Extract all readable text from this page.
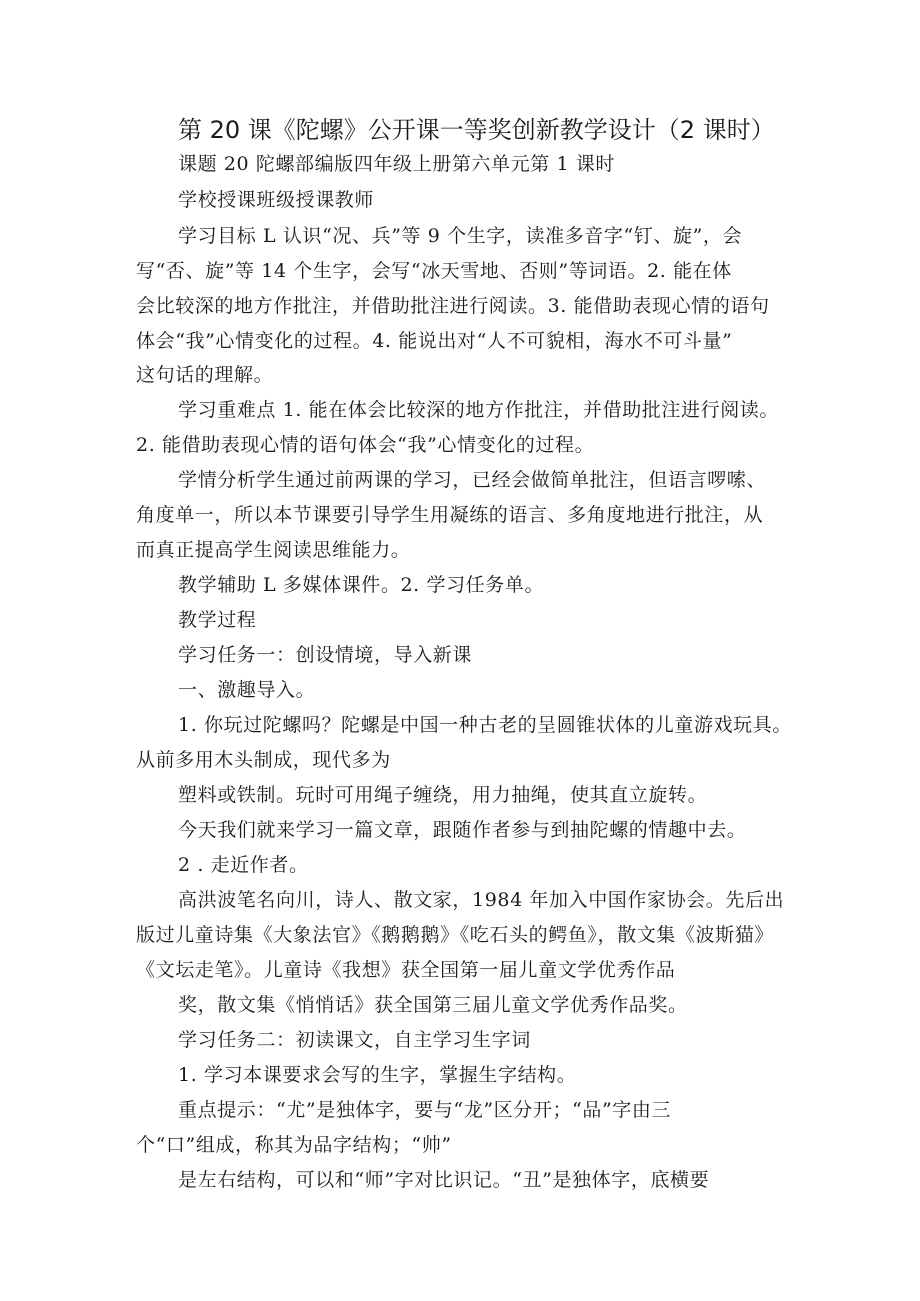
第 20 课《陀螺》公开课一等奖创新教学设计（2 课时）
课题 20 陀螺部编版四年级上册第六单元第 1 课时
学校授课班级授课教师
学习目标 L 认识“况、兵”等 9 个生字，读准多音字“钉、旋”，会
写“否、旋”等 14 个生字，会写“冰天雪地、否则”等词语。2. 能在体
会比较深的地方作批注，并借助批注进行阅读。3. 能借助表现心情的语句
体会“我”心情变化的过程。4. 能说出对“人不可貌相，海水不可斗量”
这句话的理解。
学习重难点 1. 能在体会比较深的地方作批注，并借助批注进行阅读。
2. 能借助表现心情的语句体会“我”心情变化的过程。
学情分析学生通过前两课的学习，已经会做简单批注，但语言啰嗦、
角度单一，所以本节课要引导学生用凝练的语言、多角度地进行批注，从
而真正提高学生阅读思维能力。
教学辅助 L 多媒体课件。2. 学习任务单。
教学过程
学习任务一：创设情境，导入新课
一、激趣导入。
1. 你玩过陀螺吗？陀螺是中国一种古老的呈圆锥状体的儿童游戏玩具。
从前多用木头制成，现代多为
塑料或铁制。玩时可用绳子缠绕，用力抽绳，使其直立旋转。
今天我们就来学习一篇文章，跟随作者参与到抽陀螺的情趣中去。
2 . 走近作者。
高洪波笔名向川，诗人、散文家，1984 年加入中国作家协会。先后出
版过儿童诗集《大象法官》《鹅鹅鹅》《吃石头的鳄鱼》，散文集《波斯猫》
《文坛走笔》。儿童诗《我想》获全国第一届儿童文学优秀作品
奖，散文集《悄悄话》获全国第三届儿童文学优秀作品奖。
学习任务二：初读课文，自主学习生字词
1. 学习本课要求会写的生字，掌握生字结构。
重点提示：“尤”是独体字，要与“龙”区分开；“品”字由三
个“口”组成，称其为品字结构；“帅”
是左右结构，可以和“师”字对比识记。“丑”是独体字，底横要
